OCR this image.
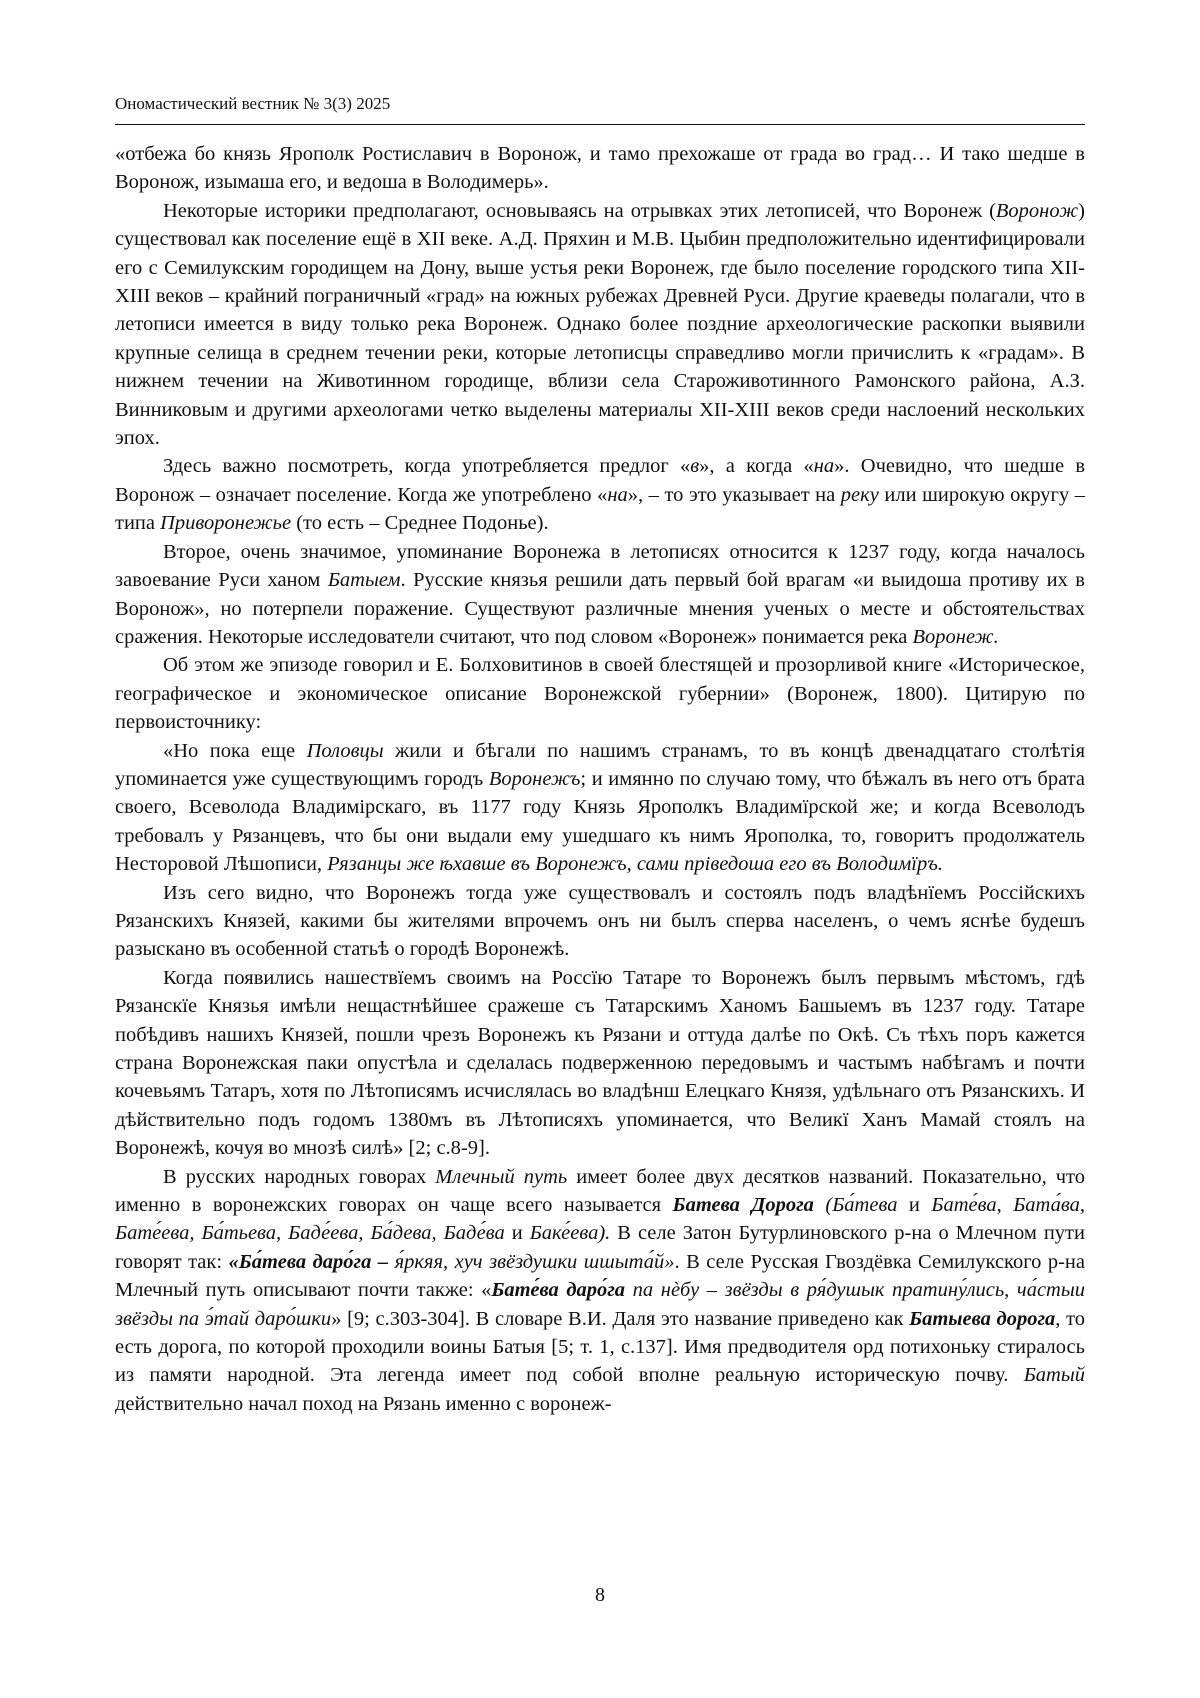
Ономастический вестник № 3(3) 2025

«отбежа бо князь Ярополк Ростиславич в Воронож, и тамо прехожаше от града во град… И тако шедше в Воронож, изымаша его, и ведоша в Володимерь».

Некоторые историки предполагают, основываясь на отрывках этих летописей, что Воронеж (Воронож) существовал как поселение ещё в XII веке. А.Д. Пряхин и М.В. Цыбин предположительно идентифицировали его с Семилукским городищем на Дону, выше устья реки Воронеж, где было поселение городского типа XII-XIII веков – крайний пограничный «град» на южных рубежах Древней Руси. Другие краеведы полагали, что в летописи имеется в виду только река Воронеж. Однако более поздние археологические раскопки выявили крупные селища в среднем течении реки, которые летописцы справедливо могли причислить к «градам». В нижнем течении на Животинном городище, вблизи села Староживотинного Рамонского района, А.З. Винниковым и другими археологами четко выделены материалы XII-XIII веков среди наслоений нескольких эпох.

Здесь важно посмотреть, когда употребляется предлог «в», а когда «на». Очевидно, что шедше в Воронож – означает поселение. Когда же употреблено «на», – то это указывает на реку или широкую округу – типа Приворонежье (то есть – Среднее Подонье).

Второе, очень значимое, упоминание Воронежа в летописях относится к 1237 году, когда началось завоевание Руси ханом Батыем. Русские князья решили дать первый бой врагам «и выидоша противу их в Воронож», но потерпели поражение. Существуют различные мнения ученых о месте и обстоятельствах сражения. Некоторые исследователи считают, что под словом «Воронеж» понимается река Воронеж.

Об этом же эпизоде говорил и Е. Болховитинов в своей блестящей и прозорливой книге «Историческое, географическое и экономическое описание Воронежской губернии» (Воронеж, 1800). Цитирую по первоисточнику:

«Но пока еще Половцы жили и бѣгали по нашимъ странамъ, то въ концѣ двенадцатаго столѣтія упоминается уже существующимъ городъ Воронежъ; и имянно по случаю тому, что бѣжалъ въ него отъ брата своего, Всеволода Владимірскаго, въ 1177 году Князь Ярополкъ Владимїрской же; и когда Всеволодъ требовалъ у Рязанцевъ, что бы они выдали ему ушедшаго къ нимъ Ярополка, то, говоритъ продолжатель Несторовой Лѣшописи, Рязанцы же ѣхавше въ Воронежъ, сами пріведоша его въ Володимїръ.

Изъ сего видно, что Воронежъ тогда уже существовалъ и состоялъ подъ владѣнїемъ Россійскихъ Рязанскихъ Князей, какими бы жителями впрочемъ онъ ни былъ сперва населенъ, о чемъ яснѣе будешъ разыскано въ особенной статьѣ о городѣ Воронежѣ.

Когда появились нашествїемъ своимъ на Россїю Татаре то Воронежъ былъ первымъ мѣстомъ, гдѣ Рязанскїе Князья имѣли нещастнѣйшее сражеше съ Татарскимъ Ханомъ Башыемъ въ 1237 году. Татаре побѣдивъ нашихъ Князей, пошли чрезъ Воронежъ къ Рязани и оттуда далѣе по Окѣ. Съ тѣхъ поръ кажется страна Воронежская паки опустѣла и сделалась подверженною передовымъ и частымъ набѣгамъ и почти кочевьямъ Татаръ, хотя по Лѣтописямъ исчислялась во владѣнш Елецкаго Князя, удѣльнаго отъ Рязанскихъ. И дѣйствительно подъ годомъ 1380мъ въ Лѣтописяхъ упоминается, что Великї Ханъ Мамай стоялъ на Воронежѣ, кочуя во мнозѣ силѣ» [2; с.8-9].

В русских народных говорах Млечный путь имеет более двух десятков названий. Показательно, что именно в воронежских говорах он чаще всего называется Батева Дорога (Ба́тева и Бате́ва, Бата́ва, Бате́ева, Ба́тьева, Баде́ева, Ба́дева, Баде́ва и Баке́ева). В селе Затон Бутурлиновского р-на о Млечном пути говорят так: «Ба́тева даро́га – я́ркяя, хуч звёздушки шшыта́й». В селе Русская Гвоздёвка Семилукского р-на Млечный путь описывают почти также: «Бате́ва даро́га па нѐбу – звёзды в ря́душык пратину́лись, ча́стыи звёзды па э́тай даро́шки» [9; с.303-304]. В словаре В.И. Даля это название приведено как Батыева дорога, то есть дорога, по которой проходили воины Батыя [5; т. 1, с.137]. Имя предводителя орд потихоньку стиралось из памяти народной. Эта легенда имеет под собой вполне реальную историческую почву. Батый действительно начал поход на Рязань именно с воронеж-

8
